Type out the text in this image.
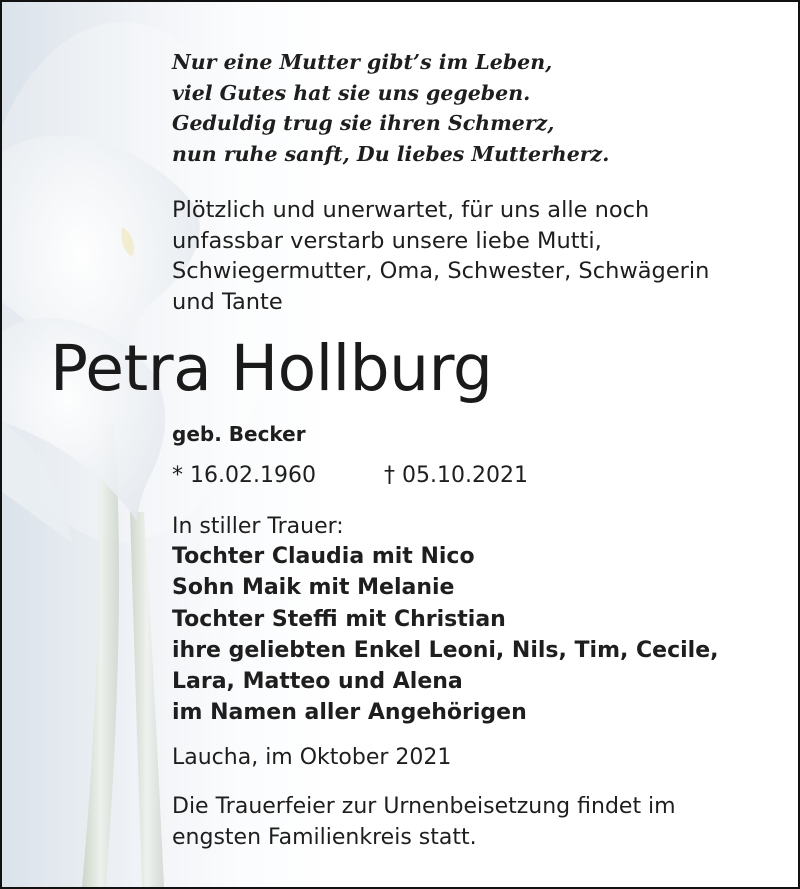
Nur eine Mutter gibt’s im Leben,
viel Gutes hat sie uns gegeben.
Geduldig trug sie ihren Schmerz,
nun ruhe sanft, Du liebes Mutterherz.
Plötzlich und unerwartet, für uns alle noch
unfassbar verstarb unsere liebe Mutti,
Schwiegermutter, Oma, Schwester, Schwägerin
und Tante
Petra Hollburg
geb. Becker
* 16.02.1960	† 05.10.2021
In stiller Trauer:
Tochter Claudia mit Nico
Sohn Maik mit Melanie
Tochter Steffi mit Christian
ihre geliebten Enkel Leoni, Nils, Tim, Cecile,
Lara, Matteo und Alena
im Namen aller Angehörigen
Laucha, im Oktober 2021
Die Trauerfeier zur Urnenbeisetzung findet im
engsten Familienkreis statt.
